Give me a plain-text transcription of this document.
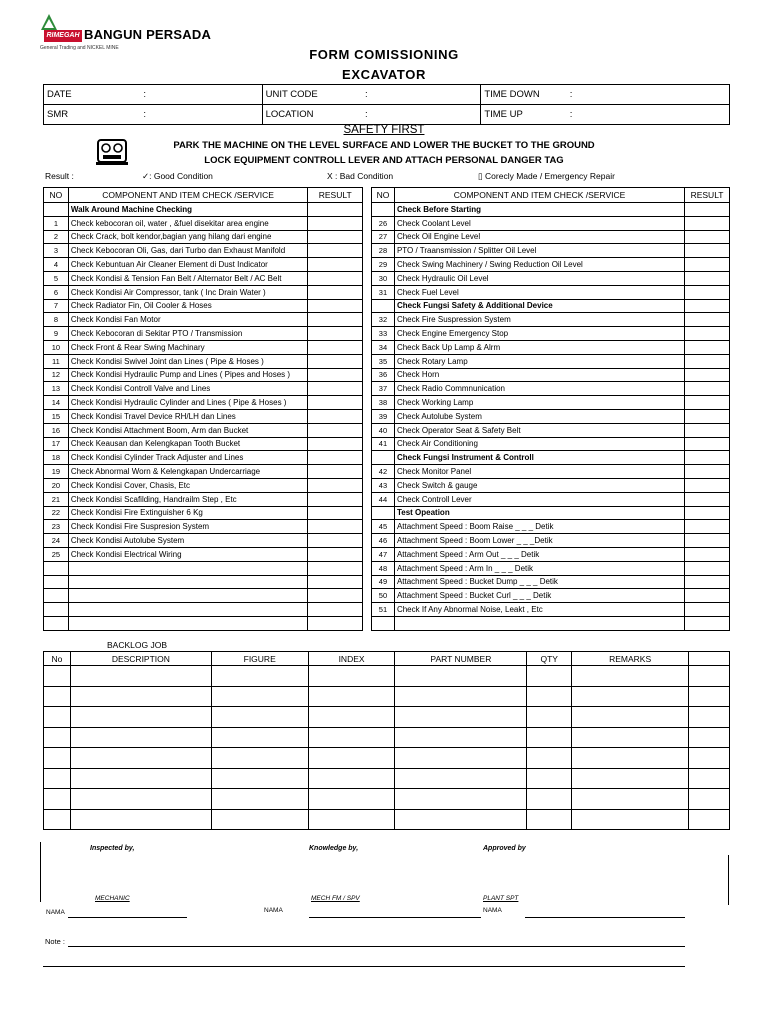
RIMEGAH BANGUN PERSADA
General Trading and NICKEL MINE	FORM COMISSIONING
EXCAVATOR
DATE	:	UNIT CODE	:	TIME DOWN	:
SMR	:	LOCATION	:	TIME UP	:
SAFETY FIRST
PARK THE MACHINE ON THE LEVEL SURFACE AND LOWER THE BUCKET TO THE GROUND
LOCK EQUIPMENT CONTROLL LEVER AND ATTACH PERSONAL DANGER TAG
Result :	✓: Good Condition	X : Bad Condition	▯ Corecly Made / Emergency Repair
NO	COMPONENT AND ITEM CHECK /SERVICE	RESULT
	Walk Around Machine Checking	
1	Check kebocoran oil, water , &fuel disekitar area engine	
2	Check Crack, bolt kendor,bagian yang hilang dari engine	
3	Check Kebocoran Oli, Gas, dari Turbo dan Exhaust Manifold	
4	Check Kebuntuan Air Cleaner Element di Dust Indicator	
5	Check Kondisi & Tension Fan Belt / Alternator Belt / AC Belt	
6	Check Kondisi Air Compressor, tank ( Inc Drain Water )	
7	Check Radiator Fin, Oil Cooler & Hoses	
8	Check Kondisi Fan Motor	
9	Check Kebocoran di Sekitar PTO / Transmission	
10	Check Front & Rear Swing Machinary	
11	Check Kondisi Swivel Joint dan Lines ( Pipe & Hoses )	
12	Check Kondisi Hydraulic Pump and Lines ( Pipes and Hoses )	
13	Check Kondisi Controll Valve and Lines	
14	Check Kondisi Hydraulic Cylinder and Lines ( Pipe & Hoses )	
15	Check Kondisi Travel Device RH/LH dan Lines	
16	Check Kondisi Attachment Boom, Arm dan Bucket	
17	Check Keausan dan Kelengkapan Tooth Bucket	
18	Check Kondisi Cylinder Track Adjuster and Lines	
19	Check Abnormal Worn & Kelengkapan Undercarriage	
20	Check Kondisi Cover, Chasis, Etc	
21	Check Kondisi Scafilding, Handrailm Step , Etc	
22	Check Kondisi Fire Extinguisher 6 Kg	
23	Check Kondisi Fire Suspresion System	
24	Check Kondisi Autolube System	
25	Check Kondisi Electrical Wiring	

NO	COMPONENT AND ITEM CHECK /SERVICE	RESULT
	Check Before Starting	
26	Check Coolant Level	
27	Check Oil Engine Level	
28	PTO / Traansmission / Splitter Oil Level	
29	Check Swing Machinery / Swing Reduction Oil Level	
30	Check Hydraulic Oil Level	
31	Check Fuel Level	
	Check Fungsi Safety & Additional Device	
32	Check Fire Suspression System	
33	Check Engine Emergency Stop	
34	Check Back Up Lamp & Alrm	
35	Check Rotary Lamp	
36	Check Horn	
37	Check Radio Commnunication	
38	Check Working Lamp	
39	Check Autolube System	
40	Check Operator Seat & Safety Belt	
41	Check Air Conditioning	
	Check Fungsi Instrument & Controll	
42	Check Monitor Panel	
43	Check Switch & gauge	
44	Check Controll Lever	
	Test Opeation	
45	Attachment Speed : Boom Raise _ _ _ Detik	
46	Attachment Speed : Boom Lower _ _ _Detik	
47	Attachment Speed : Arm Out _ _ _ Detik	
48	Attachment Speed : Arm In _ _ _ Detik	
49	Attachment Speed : Bucket Dump _ _ _ Detik	
50	Attachment Speed : Bucket Curl _ _ _ Detik	
51	Check If Any Abnormal Noise, Leakt , Etc	

BACKLOG JOB
No	DESCRIPTION	FIGURE	INDEX	PART NUMBER	QTY	REMARKS	

Inspected by,	Knowledge by,	Approved by
MECHANIC	MECH FM / SPV	PLANT SPT
NAMA	NAMA	NAMA
Note :
